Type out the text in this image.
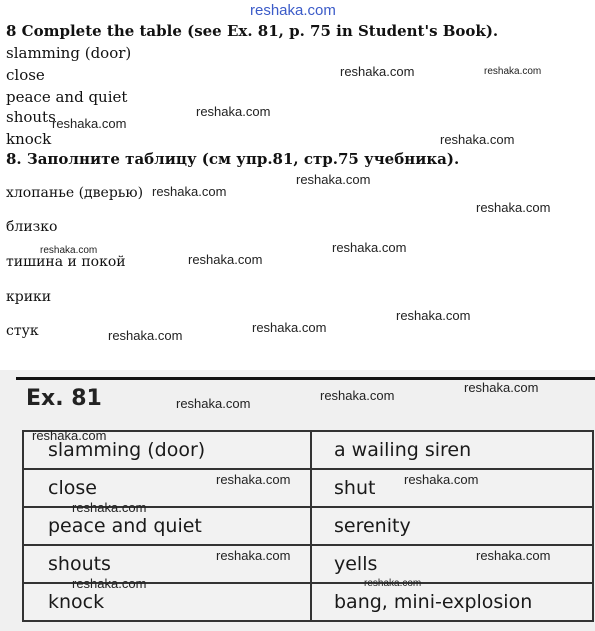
reshaka.com
8 Complete the table (see Ex. 81, p. 75 in Student's Book).
slamming (door)
close
peace and quiet
shouts
knock
8. Заполните таблицу (см упр.81, стр.75 учебника).
хлопанье (дверью)
близко
тишина и покой
крики
стук
Ex. 81
slamming (door)	a wailing siren
close	shut
peace and quiet	serenity
shouts	yells
knock	bang, mini-explosion
reshaka.com	reshaka.com
reshaka.com
reshaka.com
reshaka.com
reshaka.com
reshaka.com
reshaka.com
reshaka.com	reshaka.com
reshaka.com
reshaka.com
reshaka.com
reshaka.com
reshaka.com
reshaka.com
reshaka.com
reshaka.com
reshaka.com	reshaka.com
reshaka.com
reshaka.com	reshaka.com
reshaka.com	reshaka.com
